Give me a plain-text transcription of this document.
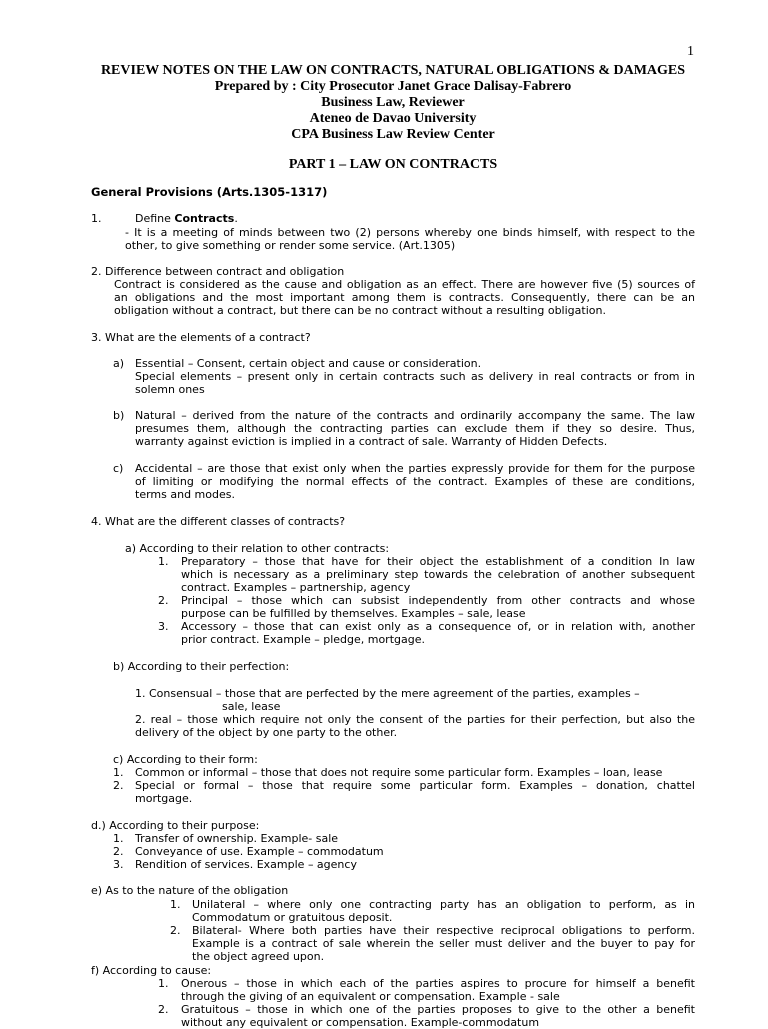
1
REVIEW NOTES ON THE LAW ON CONTRACTS, NATURAL OBLIGATIONS & DAMAGES
Prepared by : City Prosecutor Janet Grace Dalisay-Fabrero
Business Law, Reviewer
Ateneo de Davao University
CPA Business Law Review Center
PART 1 – LAW ON CONTRACTS
General Provisions (Arts.1305-1317)
1.	Define Contracts.
- It is a meeting of minds between two (2) persons whereby one binds himself, with respect to the
other, to give something or render some service. (Art.1305)
2. Difference between contract and obligation
Contract is considered as the cause and obligation as an effect. There are however five (5) sources of
an obligations and the most important among them is contracts. Consequently, there can be an
obligation without a contract, but there can be no contract without a resulting obligation.
3. What are the elements of a contract?
a) Essential – Consent, certain object and cause or consideration.
Special elements – present only in certain contracts such as delivery in real contracts or from in
solemn ones
b) Natural – derived from the nature of the contracts and ordinarily accompany the same. The law
presumes them, although the contracting parties can exclude them if they so desire. Thus,
warranty against eviction is implied in a contract of sale. Warranty of Hidden Defects.
c) Accidental – are those that exist only when the parties expressly provide for them for the purpose
of limiting or modifying the normal effects of the contract. Examples of these are conditions,
terms and modes.
4. What are the different classes of contracts?
a) According to their relation to other contracts:
1. Preparatory – those that have for their object the establishment of a condition In law
which is necessary as a preliminary step towards the celebration of another subsequent
contract. Examples – partnership, agency
2. Principal – those which can subsist independently from other contracts and whose
purpose can be fulfilled by themselves. Examples – sale, lease
3. Accessory – those that can exist only as a consequence of, or in relation with, another
prior contract. Example – pledge, mortgage.
b) According to their perfection:
1. Consensual – those that are perfected by the mere agreement of the parties, examples –
sale, lease
2. real – those which require not only the consent of the parties for their perfection, but also the
delivery of the object by one party to the other.
c) According to their form:
1. Common or informal – those that does not require some particular form. Examples – loan, lease
2. Special or formal – those that require some particular form. Examples – donation, chattel
mortgage.
d.) According to their purpose:
1. Transfer of ownership. Example- sale
2. Conveyance of use. Example – commodatum
3. Rendition of services. Example – agency
e) As to the nature of the obligation
1. Unilateral – where only one contracting party has an obligation to perform, as in
Commodatum or gratuitous deposit.
2. Bilateral- Where both parties have their respective reciprocal obligations to perform.
Example is a contract of sale wherein the seller must deliver and the buyer to pay for
the object agreed upon.
f) According to cause:
1. Onerous – those in which each of the parties aspires to procure for himself a benefit
through the giving of an equivalent or compensation. Example - sale
2. Gratuitous – those in which one of the parties proposes to give to the other a benefit
without any equivalent or compensation. Example-commodatum
